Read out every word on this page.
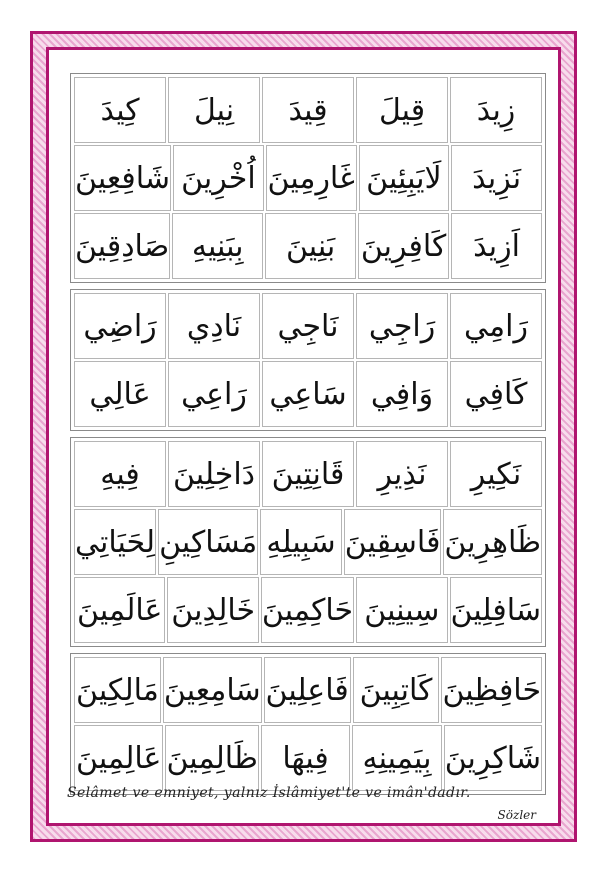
زِيدَ
قِيلَ
قِيدَ
نِيلَ
كِيدَ
نَزِيدَ
لَايَبِئِينَ
غَارِمِينَ
اُخْرِينَ
شَافِعِينَ
اَزِيدَ
كَافِرِينَ
بَنِينَ
بِبَنِيهِ
صَادِقِينَ
رَامِي
رَاجِي
نَاجِي
نَادِي
رَاضِي
كَافِي
وَافِي
سَاعِي
رَاعِي
عَالِي
نَكِيرِ
نَذِيرِ
قَانِتِينَ
دَاخِلِينَ
فِيهِ
ظَاهِرِينَ
فَاسِقِينَ
سَبِيلِهِ
مَسَاكِينِ
لِحَيَاتِي
سَافِلِينَ
سِينِينَ
حَاكِمِينَ
خَالِدِينَ
عَالَمِينَ
حَافِظِينَ
كَاتِبِينَ
فَاعِلِينَ
سَامِعِينَ
مَالِكِينَ
شَاكِرِينَ
بِيَمِينِهِ
فِيهَا
ظَالِمِينَ
عَالِمِينَ
Selâmet ve emniyet, yalnız İslâmiyet'te ve imân'dadır.
Sözler
